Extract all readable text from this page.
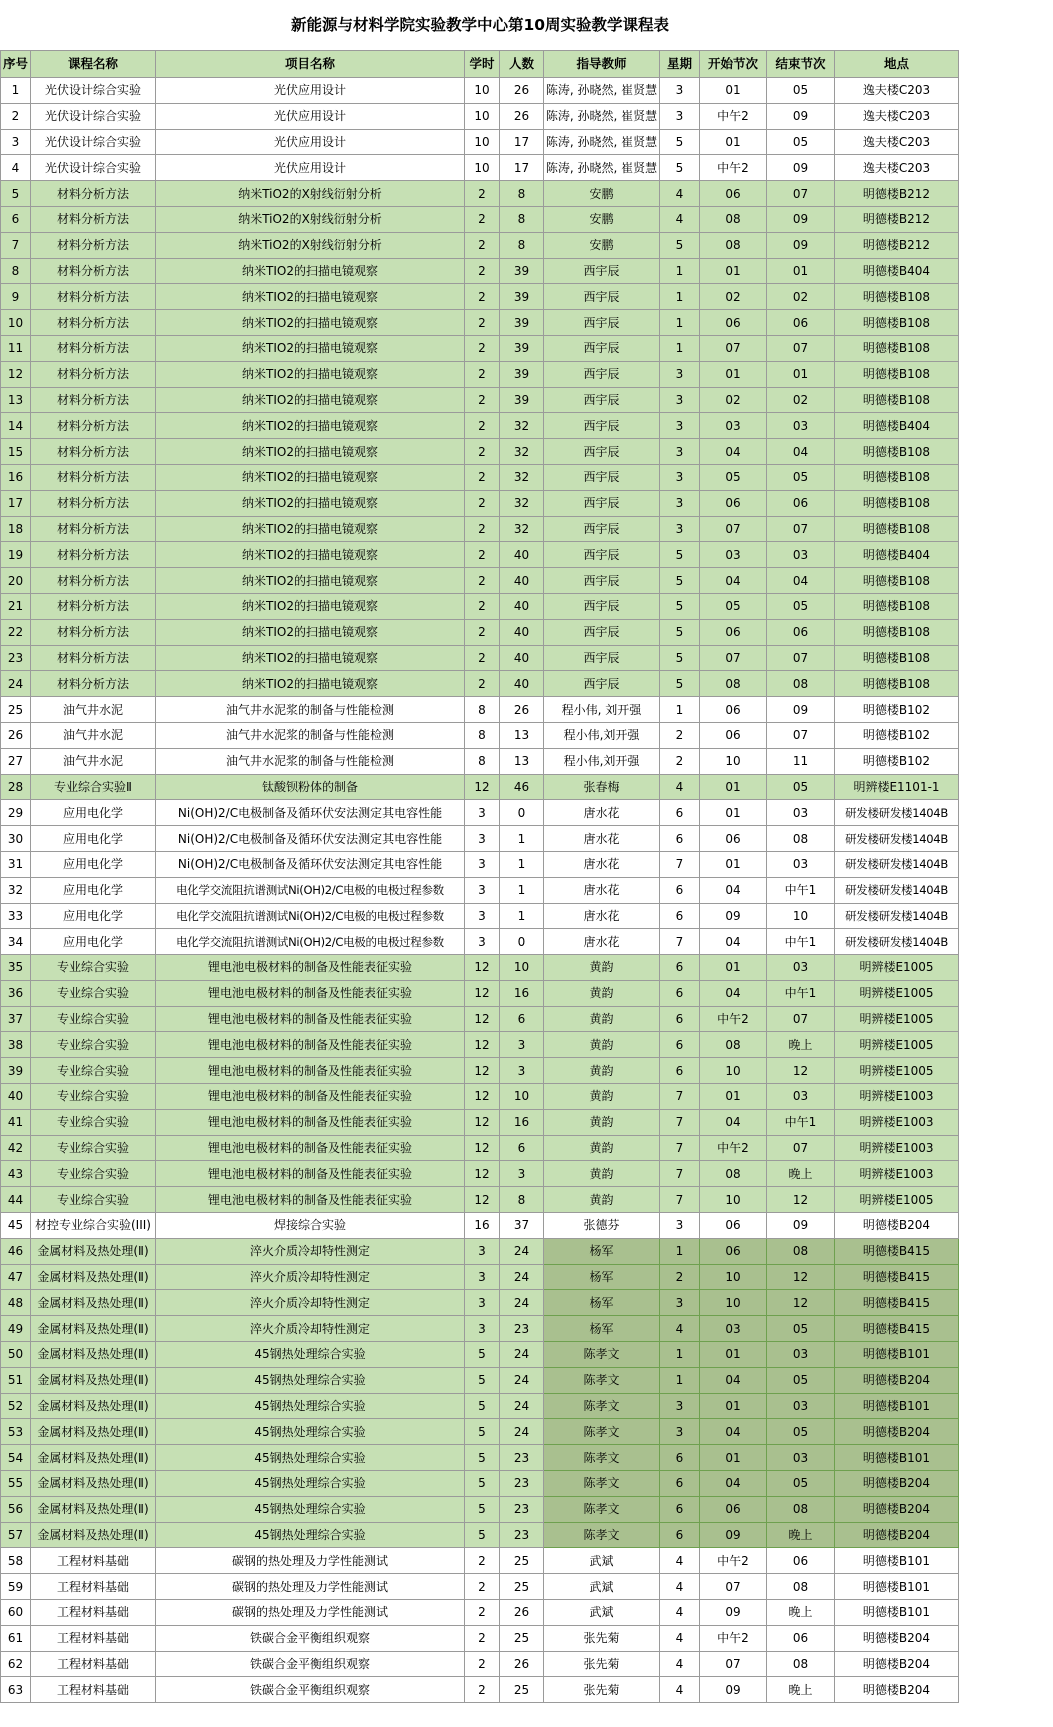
新能源与材料学院实验教学中心第10周实验教学课程表
序号	课程名称	项目名称	学时	人数	指导教师	星期	开始节次	结束节次	地点
1	光伏设计综合实验	光伏应用设计	10	26	陈涛, 孙晓然, 崔贤慧	3	01	05	逸夫楼C203
2	光伏设计综合实验	光伏应用设计	10	26	陈涛, 孙晓然, 崔贤慧	3	中午2	09	逸夫楼C203
3	光伏设计综合实验	光伏应用设计	10	17	陈涛, 孙晓然, 崔贤慧	5	01	05	逸夫楼C203
4	光伏设计综合实验	光伏应用设计	10	17	陈涛, 孙晓然, 崔贤慧	5	中午2	09	逸夫楼C203
5	材料分析方法	纳米TiO2的X射线衍射分析	2	8	安鹏	4	06	07	明德楼B212
6	材料分析方法	纳米TiO2的X射线衍射分析	2	8	安鹏	4	08	09	明德楼B212
7	材料分析方法	纳米TiO2的X射线衍射分析	2	8	安鹏	5	08	09	明德楼B212
8	材料分析方法	纳米TIO2的扫描电镜观察	2	39	西宇辰	1	01	01	明德楼B404
9	材料分析方法	纳米TIO2的扫描电镜观察	2	39	西宇辰	1	02	02	明德楼B108
10	材料分析方法	纳米TIO2的扫描电镜观察	2	39	西宇辰	1	06	06	明德楼B108
11	材料分析方法	纳米TIO2的扫描电镜观察	2	39	西宇辰	1	07	07	明德楼B108
12	材料分析方法	纳米TIO2的扫描电镜观察	2	39	西宇辰	3	01	01	明德楼B108
13	材料分析方法	纳米TIO2的扫描电镜观察	2	39	西宇辰	3	02	02	明德楼B108
14	材料分析方法	纳米TIO2的扫描电镜观察	2	32	西宇辰	3	03	03	明德楼B404
15	材料分析方法	纳米TIO2的扫描电镜观察	2	32	西宇辰	3	04	04	明德楼B108
16	材料分析方法	纳米TIO2的扫描电镜观察	2	32	西宇辰	3	05	05	明德楼B108
17	材料分析方法	纳米TIO2的扫描电镜观察	2	32	西宇辰	3	06	06	明德楼B108
18	材料分析方法	纳米TIO2的扫描电镜观察	2	32	西宇辰	3	07	07	明德楼B108
19	材料分析方法	纳米TIO2的扫描电镜观察	2	40	西宇辰	5	03	03	明德楼B404
20	材料分析方法	纳米TIO2的扫描电镜观察	2	40	西宇辰	5	04	04	明德楼B108
21	材料分析方法	纳米TIO2的扫描电镜观察	2	40	西宇辰	5	05	05	明德楼B108
22	材料分析方法	纳米TIO2的扫描电镜观察	2	40	西宇辰	5	06	06	明德楼B108
23	材料分析方法	纳米TIO2的扫描电镜观察	2	40	西宇辰	5	07	07	明德楼B108
24	材料分析方法	纳米TIO2的扫描电镜观察	2	40	西宇辰	5	08	08	明德楼B108
25	油气井水泥	油气井水泥浆的制备与性能检测	8	26	程小伟, 刘开强	1	06	09	明德楼B102
26	油气井水泥	油气井水泥浆的制备与性能检测	8	13	程小伟,刘开强	2	06	07	明德楼B102
27	油气井水泥	油气井水泥浆的制备与性能检测	8	13	程小伟,刘开强	2	10	11	明德楼B102
28	专业综合实验Ⅱ	钛酸钡粉体的制备	12	46	张春梅	4	01	05	明辨楼E1101-1
29	应用电化学	Ni(OH)2/C电极制备及循环伏安法测定其电容性能	3	0	唐水花	6	01	03	研发楼研发楼1404B
30	应用电化学	Ni(OH)2/C电极制备及循环伏安法测定其电容性能	3	1	唐水花	6	06	08	研发楼研发楼1404B
31	应用电化学	Ni(OH)2/C电极制备及循环伏安法测定其电容性能	3	1	唐水花	7	01	03	研发楼研发楼1404B
32	应用电化学	电化学交流阻抗谱测试Ni(OH)2/C电极的电极过程参数	3	1	唐水花	6	04	中午1	研发楼研发楼1404B
33	应用电化学	电化学交流阻抗谱测试Ni(OH)2/C电极的电极过程参数	3	1	唐水花	6	09	10	研发楼研发楼1404B
34	应用电化学	电化学交流阻抗谱测试Ni(OH)2/C电极的电极过程参数	3	0	唐水花	7	04	中午1	研发楼研发楼1404B
35	专业综合实验	锂电池电极材料的制备及性能表征实验	12	10	黄韵	6	01	03	明辨楼E1005
36	专业综合实验	锂电池电极材料的制备及性能表征实验	12	16	黄韵	6	04	中午1	明辨楼E1005
37	专业综合实验	锂电池电极材料的制备及性能表征实验	12	6	黄韵	6	中午2	07	明辨楼E1005
38	专业综合实验	锂电池电极材料的制备及性能表征实验	12	3	黄韵	6	08	晚上	明辨楼E1005
39	专业综合实验	锂电池电极材料的制备及性能表征实验	12	3	黄韵	6	10	12	明辨楼E1005
40	专业综合实验	锂电池电极材料的制备及性能表征实验	12	10	黄韵	7	01	03	明辨楼E1003
41	专业综合实验	锂电池电极材料的制备及性能表征实验	12	16	黄韵	7	04	中午1	明辨楼E1003
42	专业综合实验	锂电池电极材料的制备及性能表征实验	12	6	黄韵	7	中午2	07	明辨楼E1003
43	专业综合实验	锂电池电极材料的制备及性能表征实验	12	3	黄韵	7	08	晚上	明辨楼E1003
44	专业综合实验	锂电池电极材料的制备及性能表征实验	12	8	黄韵	7	10	12	明辨楼E1005
45	材控专业综合实验(III)	焊接综合实验	16	37	张德芬	3	06	09	明德楼B204
46	金属材料及热处理(Ⅱ)	淬火介质冷却特性测定	3	24	杨军	1	06	08	明德楼B415
47	金属材料及热处理(Ⅱ)	淬火介质冷却特性测定	3	24	杨军	2	10	12	明德楼B415
48	金属材料及热处理(Ⅱ)	淬火介质冷却特性测定	3	24	杨军	3	10	12	明德楼B415
49	金属材料及热处理(Ⅱ)	淬火介质冷却特性测定	3	23	杨军	4	03	05	明德楼B415
50	金属材料及热处理(Ⅱ)	45钢热处理综合实验	5	24	陈孝文	1	01	03	明德楼B101
51	金属材料及热处理(Ⅱ)	45钢热处理综合实验	5	24	陈孝文	1	04	05	明德楼B204
52	金属材料及热处理(Ⅱ)	45钢热处理综合实验	5	24	陈孝文	3	01	03	明德楼B101
53	金属材料及热处理(Ⅱ)	45钢热处理综合实验	5	24	陈孝文	3	04	05	明德楼B204
54	金属材料及热处理(Ⅱ)	45钢热处理综合实验	5	23	陈孝文	6	01	03	明德楼B101
55	金属材料及热处理(Ⅱ)	45钢热处理综合实验	5	23	陈孝文	6	04	05	明德楼B204
56	金属材料及热处理(Ⅱ)	45钢热处理综合实验	5	23	陈孝文	6	06	08	明德楼B204
57	金属材料及热处理(Ⅱ)	45钢热处理综合实验	5	23	陈孝文	6	09	晚上	明德楼B204
58	工程材料基础	碳钢的热处理及力学性能测试	2	25	武斌	4	中午2	06	明德楼B101
59	工程材料基础	碳钢的热处理及力学性能测试	2	25	武斌	4	07	08	明德楼B101
60	工程材料基础	碳钢的热处理及力学性能测试	2	26	武斌	4	09	晚上	明德楼B101
61	工程材料基础	铁碳合金平衡组织观察	2	25	张先菊	4	中午2	06	明德楼B204
62	工程材料基础	铁碳合金平衡组织观察	2	26	张先菊	4	07	08	明德楼B204
63	工程材料基础	铁碳合金平衡组织观察	2	25	张先菊	4	09	晚上	明德楼B204
